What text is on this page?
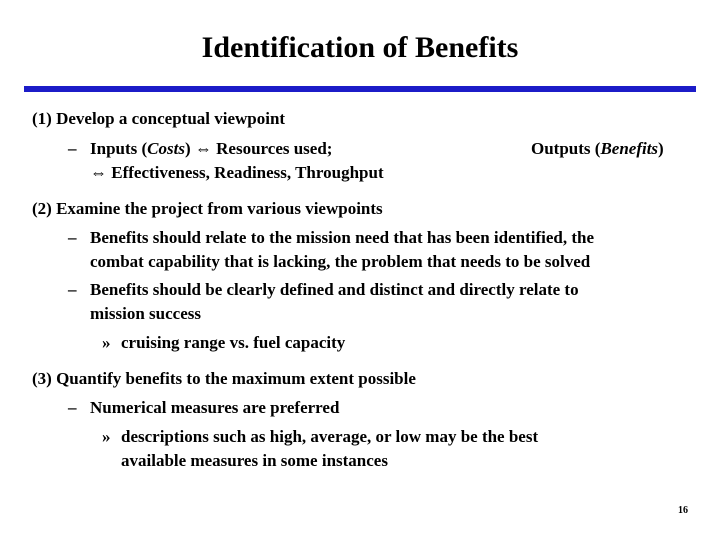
Identification of Benefits
(1) Develop a conceptual viewpoint
– Inputs (Costs) ⇔ Resources used;	Outputs (Benefits)
⇔ Effectiveness, Readiness, Throughput
(2) Examine the project from various viewpoints
– Benefits should relate to the mission need that has been identified, the
combat capability that is lacking, the problem that needs to be solved
– Benefits should be clearly defined and distinct and directly relate to
mission success
» cruising range vs. fuel capacity
(3) Quantify benefits to the maximum extent possible
– Numerical measures are preferred
» descriptions such as high, average, or low may be the best
available measures in some instances
16
